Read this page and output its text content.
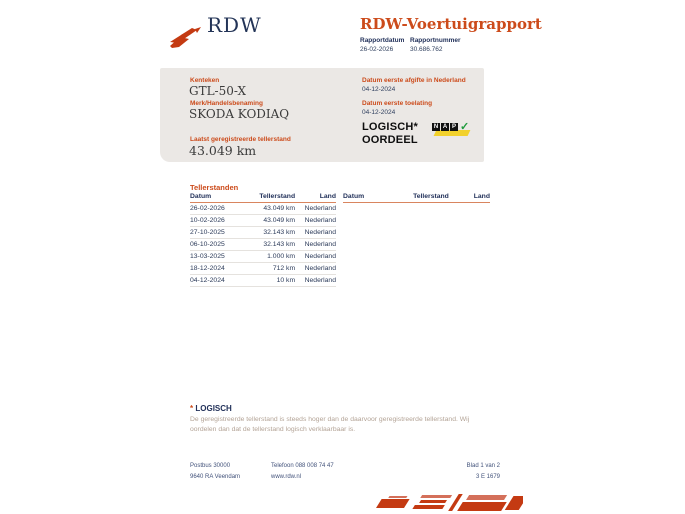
RDW	RDW-Voertuigrapport
Rapportdatum
26-02-2026
Rapportnummer
30.686.762
Kenteken
GTL-50-X
Merk/Handelsbenaming
SKODA KODIAQ
Laatst geregistreerde tellerstand
43.049 km
Datum eerste afgifte in Nederland
04-12-2024
Datum eerste toelating
04-12-2024
LOGISCH*
OORDEEL
N A P ✓
Tellerstanden
Datum	Tellerstand	Land
26-02-2026	43.049 km	Nederland
10-02-2026	43.049 km	Nederland
27-10-2025	32.143 km	Nederland
06-10-2025	32.143 km	Nederland
13-03-2025	1.000 km	Nederland
18-12-2024	712 km	Nederland
04-12-2024	10 km	Nederland
Datum	Tellerstand	Land
* LOGISCH
De geregistreerde tellerstand is steeds hoger dan de daarvoor geregistreerde tellerstand. Wij oordelen dan dat de tellerstand logisch verklaarbaar is.
Postbus 30000
9640 RA Veendam
Telefoon 088 008 74 47
www.rdw.nl
Blad 1 van 2
3 E 1679
